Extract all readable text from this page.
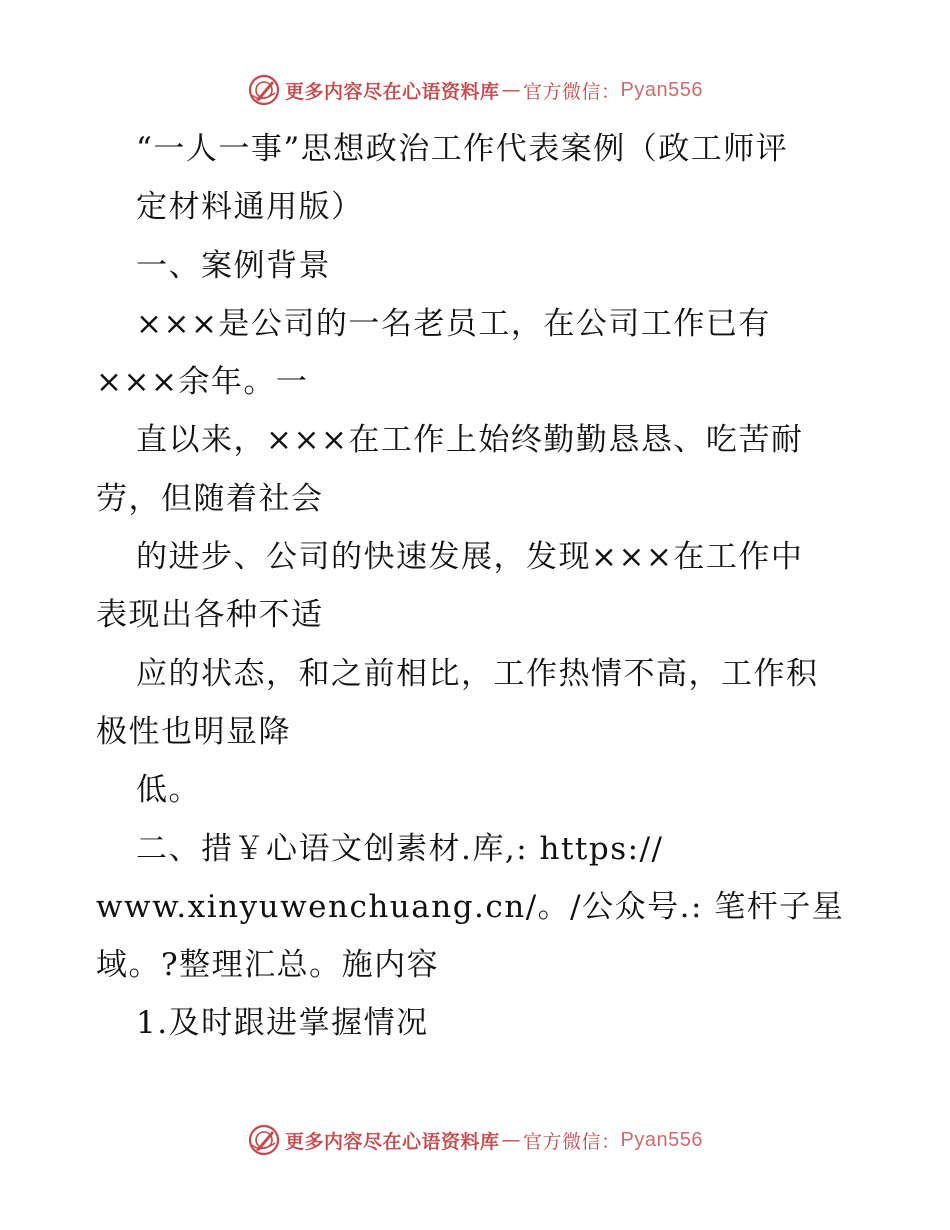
更多内容尽在心语资料库 — 官方微信： Pyan556
“一人一事”思想政治工作代表案例（政工师评
定材料通用版）
一、案例背景
×××是公司的一名老员工，在公司工作已有
×××余年。一
直以来，×××在工作上始终勤勤恳恳、吃苦耐
劳，但随着社会
的进步、公司的快速发展，发现×××在工作中
表现出各种不适
应的状态，和之前相比，工作热情不高，工作积
极性也明显降
低。
二、措￥心语文创素材.库,: https://
www.xinyuwenchuang.cn/。/公众号.: 笔杆子星
域。?整理汇总。施内容
1.及时跟进掌握情况
更多内容尽在心语资料库 — 官方微信： Pyan556
